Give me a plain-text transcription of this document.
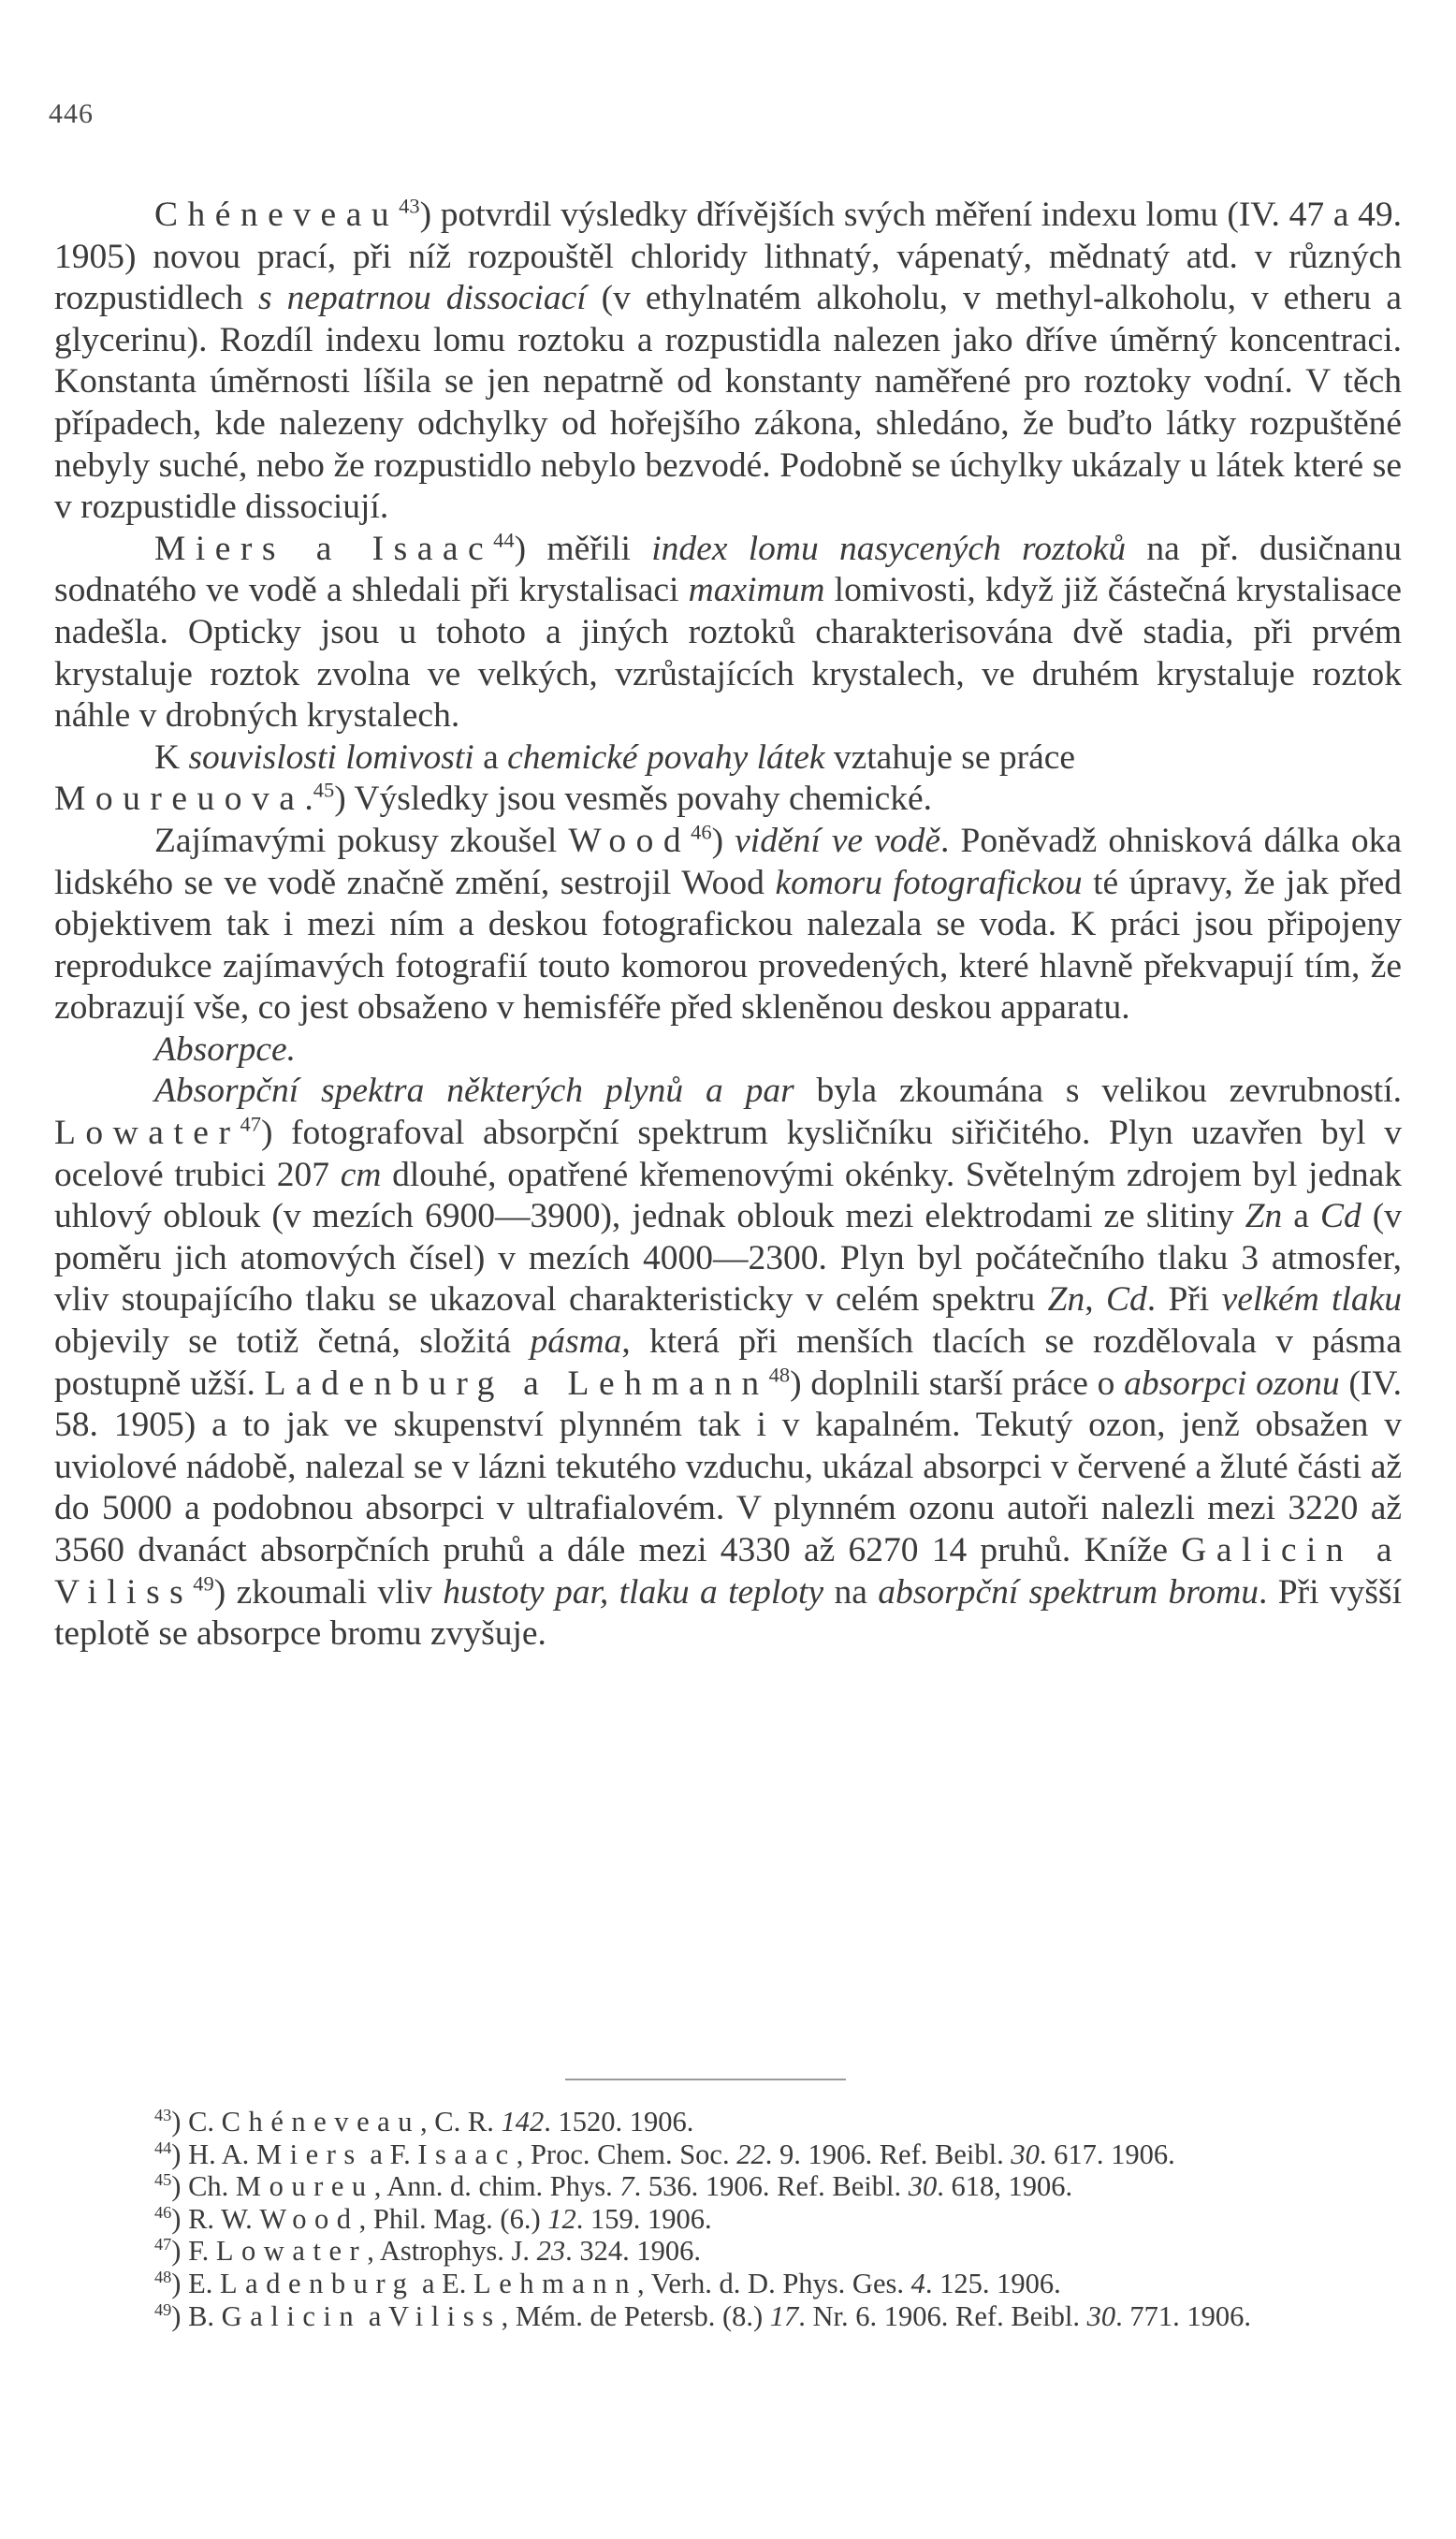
446

Chéneveau$^{43}$) potvrdil výsledky dřívějších svých měření indexu lomu (IV. 47 a 49. 1905) novou prací, při níž rozpouštěl chloridy lithnatý, vápenatý, mědnatý atd. v různých rozpustidlech s nepatrnou dissociací (v ethylnatém alkoholu, v methyl-alkoholu, v etheru a glycerinu). Rozdíl indexu lomu roztoku a rozpustidla nalezen jako dříve úměrný koncentraci. Konstanta úměrnosti líšila se jen nepatrně od konstanty naměřené pro roztoky vodní. V těch případech, kde nalezeny odchylky od hořejšího zákona, shledáno, že buďto látky rozpuštěné nebyly suché, nebo že rozpustidlo nebylo bezvodé. Podobně se úchylky ukázaly u látek které se v rozpustidle dissociují.

Miers a Isaac$^{44}$) měřili index lomu nasycených roztoků na př. dusičnanu sodnatého ve vodě a shledali při krystalisaci maximum lomivosti, když již částečná krystalisace nadešla. Opticky jsou u tohoto a jiných roztoků charakterisována dvě stadia, při prvém krystaluje roztok zvolna ve velkých, vzrůstajících krystalech, ve druhém krystaluje roztok náhle v drobných krystalech.

K souvislosti lomivosti a chemické povahy látek vztahuje se práce

Moureuova.$^{45}$) Výsledky jsou vesměs povahy chemické.

Zajímavými pokusy zkoušel Wood$^{46}$) vidění ve vodě. Poněvadž ohnisková dálka oka lidského se ve vodě značně změní, sestrojil Wood komoru fotografickou té úpravy, že jak před objektivem tak i mezi ním a deskou fotografickou nalezala se voda. K práci jsou připojeny reprodukce zajímavých fotografií touto komorou provedených, které hlavně překvapují tím, že zobrazují vše, co jest obsaženo v hemisféře před skleněnou deskou apparatu.

Absorpce.

Absorpční spektra některých plynů a par byla zkoumána s velikou zevrubností. Lowater$^{47}$) fotografoval absorpční spektrum kysličníku siřičitého. Plyn uzavřen byl v ocelové trubici 207 cm dlouhé, opatřené křemenovými okénky. Světelným zdrojem byl jednak uhlový oblouk (v mezích 6900—3900), jednak oblouk mezi elektrodami ze slitiny Zn a Cd (v poměru jich atomových čísel) v mezích 4000—2300. Plyn byl počátečního tlaku 3 atmosfer, vliv stoupajícího tlaku se ukazoval charakteristicky v celém spektru Zn, Cd. Při velkém tlaku objevily se totiž četná, složitá pásma, která při menších tlacích se rozdělovala v pásma postupně užší. Ladenburg a Lehmann$^{48}$) doplnili starší práce o absorpci ozonu (IV. 58. 1905) a to jak ve skupenství plynném tak i v kapalném. Tekutý ozon, jenž obsažen v uviolové nádobě, nalezal se v lázni tekutého vzduchu, ukázal absorpci v červené a žluté části až do 5000 a podobnou absorpci v ultrafialovém. V plynném ozonu autoři nalezli mezi 3220 až 3560 dvanáct absorpčních pruhů a dále mezi 4330 až 6270 14 pruhů. Kníže Galicin a Viliss$^{49}$) zkoumali vliv hustoty par, tlaku a teploty na absorpční spektrum bromu. Při vyšší teplotě se absorpce bromu zvyšuje.

$^{43}$) C. Chéneveau, C. R. 142. 1520. 1906.

$^{44}$) H. A. Miers a F. Isaac, Proc. Chem. Soc. 22. 9. 1906. Ref. Beibl. 30. 617. 1906.

$^{45}$) Ch. Moureu, Ann. d. chim. Phys. 7. 536. 1906. Ref. Beibl. 30. 618, 1906.

$^{46}$) R. W. Wood, Phil. Mag. (6.) 12. 159. 1906.

$^{47}$) F. Lowater, Astrophys. J. 23. 324. 1906.

$^{48}$) E. Ladenburg a E. Lehmann, Verh. d. D. Phys. Ges. 4. 125. 1906.

$^{49}$) B. Galicin a Viliss, Mém. de Petersb. (8.) 17. Nr. 6. 1906. Ref. Beibl. 30. 771. 1906.
